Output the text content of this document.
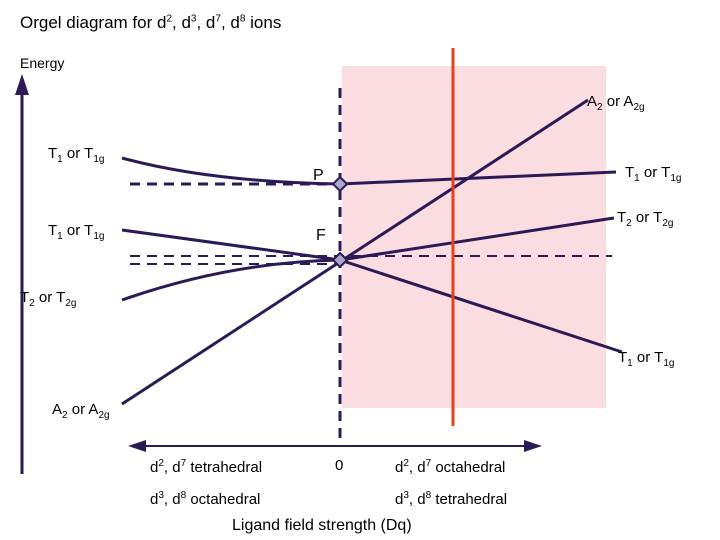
Orgel diagram for $d^2$, $d^3$, $d^7$, $d^8$ ions
Energy
$T_1$ or $T_{1g}$
$T_1$ or $T_{1g}$
$T_2$ or $T_{2g}$
$A_2$ or $A_{2g}$
$A_2$ or $A_{2g}$
$T_1$ or $T_{1g}$
$T_2$ or $T_{2g}$
$T_1$ or $T_{1g}$
P
F
0
$d^2$, $d^7$ tetrahedral
$d^3$, $d^8$ octahedral
$d^2$, $d^7$ octahedral
$d^3$, $d^8$ tetrahedral
Ligand field strength (Dq)
